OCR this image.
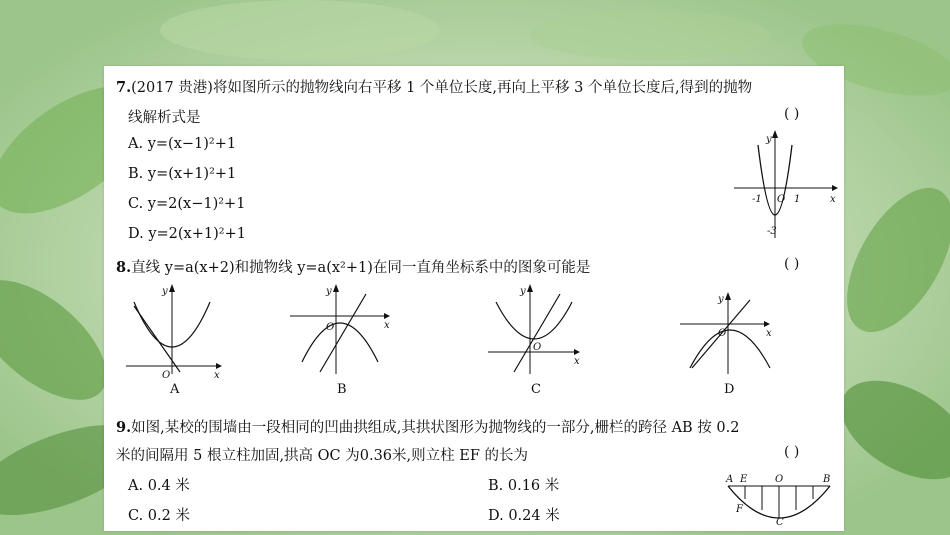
7.(2017 贵港)将如图所示的抛物线向右平移 1 个单位长度,再向上平移 3 个单位长度后,得到的抛物
线解析式是	( )
A. y=(x−1)²+1
B. y=(x+1)²+1
C. y=2(x−1)²+1
D. y=2(x+1)²+1
y
x
O
-1	1
-3
8.直线 y=a(x+2)和抛物线 y=a(x²+1)在同一直角坐标系中的图象可能是	( )
y
x
O
A
y
x
O
B
y
x
O
C
y
x
O
D
9.如图,某校的围墙由一段相同的凹曲拱组成,其拱状图形为抛物线的一部分,栅栏的跨径 AB 按 0.2
米的间隔用 5 根立柱加固,拱高 OC 为0.36米,则立柱 EF 的长为	( )
A. 0.4 米	B. 0.16 米
C. 0.2 米	D. 0.24 米
A E	O	B
F
C
